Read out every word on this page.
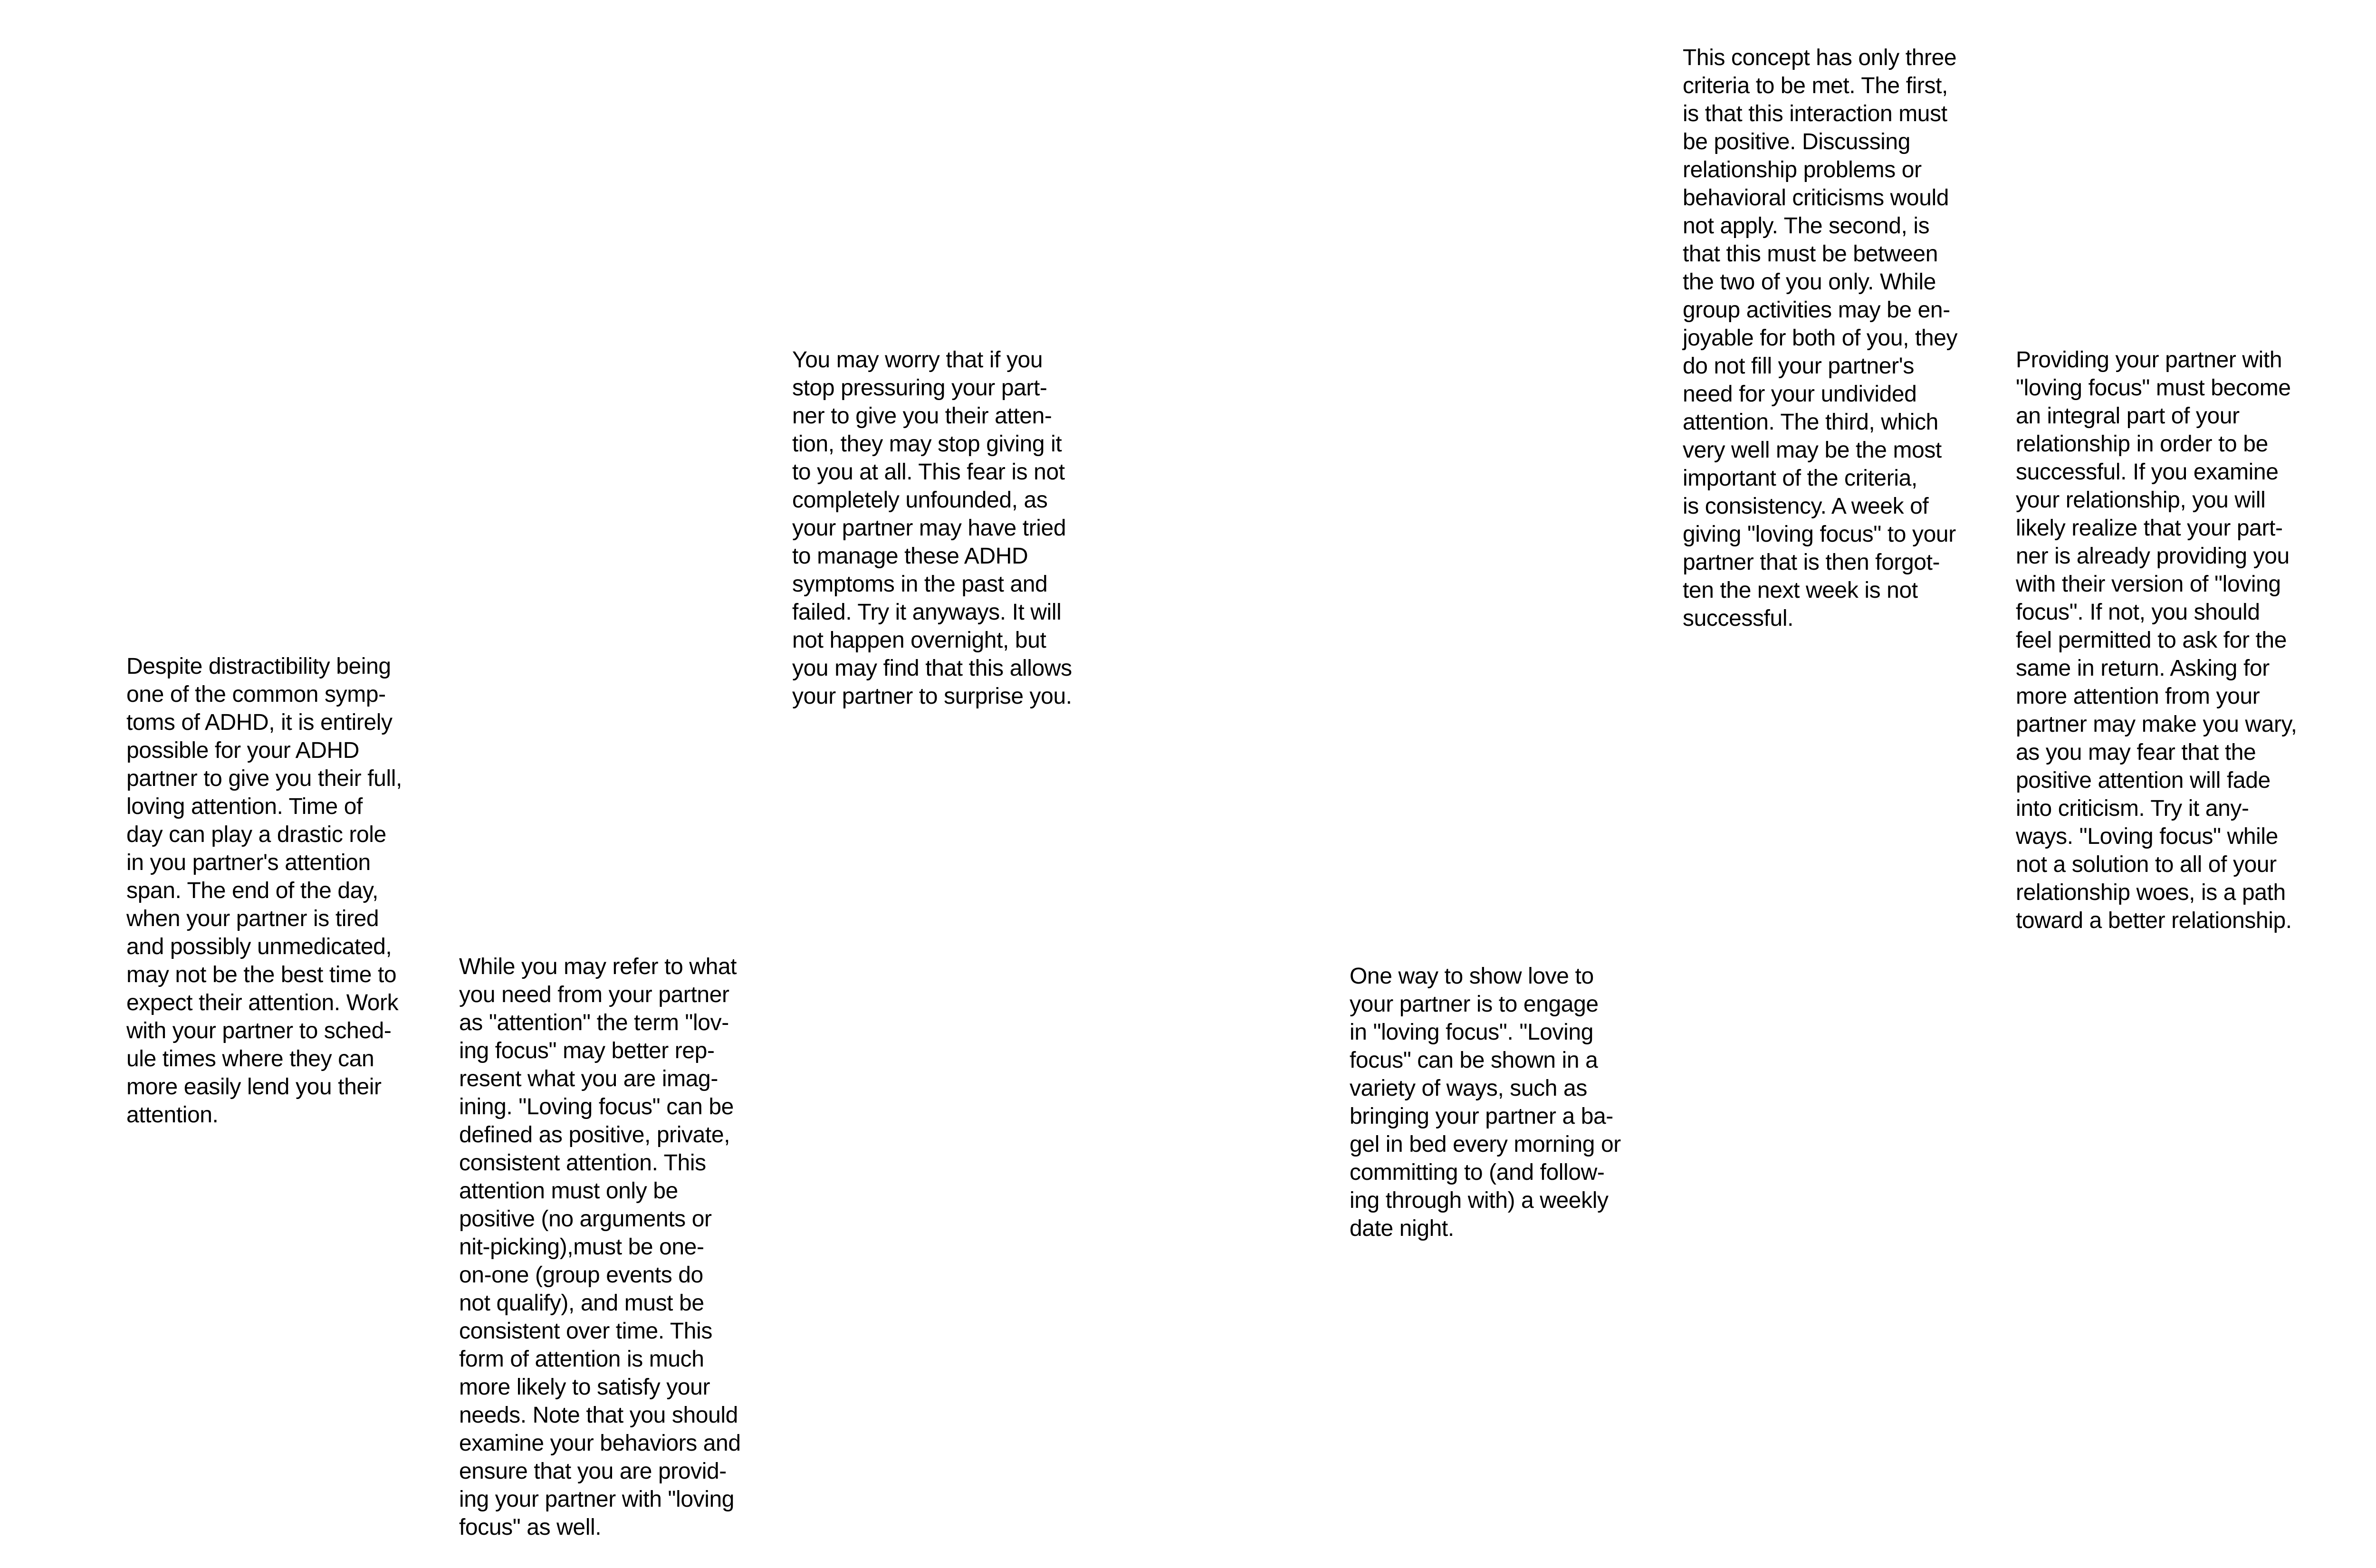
Despite distractibility being
one of the common symp-
toms of ADHD, it is entirely
possible for your ADHD
partner to give you their full,
loving attention. Time of
day can play a drastic role
in you partner's attention
span. The end of the day,
when your partner is tired
and possibly unmedicated,
may not be the best time to
expect their attention. Work
with your partner to sched-
ule times where they can
more easily lend you their
attention.

While you may refer to what
you need from your partner
as "attention" the term "lov-
ing focus" may better rep-
resent what you are imag-
ining. "Loving focus" can be
defined as positive, private,
consistent attention. This
attention must only be
positive (no arguments or
nit-picking),must be one-
on-one (group events do
not qualify), and must be
consistent over time. This
form of attention is much
more likely to satisfy your
needs. Note that you should
examine your behaviors and
ensure that you are provid-
ing your partner with "loving
focus" as well.

You may worry that if you
stop pressuring your part-
ner to give you their atten-
tion, they may stop giving it
to you at all. This fear is not
completely unfounded, as
your partner may have tried
to manage these ADHD
symptoms in the past and
failed. Try it anyways. It will
not happen overnight, but
you may find that this allows
your partner to surprise you.

One way to show love to
your partner is to engage
in "loving focus". "Loving
focus" can be shown in a
variety of ways, such as
bringing your partner a ba-
gel in bed every morning or
committing to (and follow-
ing through with) a weekly
date night.

This concept has only three
criteria to be met. The first,
is that this interaction must
be positive. Discussing
relationship problems or
behavioral criticisms would
not apply. The second, is
that this must be between
the two of you only. While
group activities may be en-
joyable for both of you, they
do not fill your partner's
need for your undivided
attention. The third, which
very well may be the most
important of the criteria,
is consistency. A week of
giving "loving focus" to your
partner that is then forgot-
ten the next week is not
successful.

Providing your partner with
"loving focus" must become
an integral part of your
relationship in order to be
successful. If you examine
your relationship, you will
likely realize that your part-
ner is already providing you
with their version of "loving
focus". If not, you should
feel permitted to ask for the
same in return. Asking for
more attention from your
partner may make you wary,
as you may fear that the
positive attention will fade
into criticism. Try it any-
ways. "Loving focus" while
not a solution to all of your
relationship woes, is a path
toward a better relationship.
